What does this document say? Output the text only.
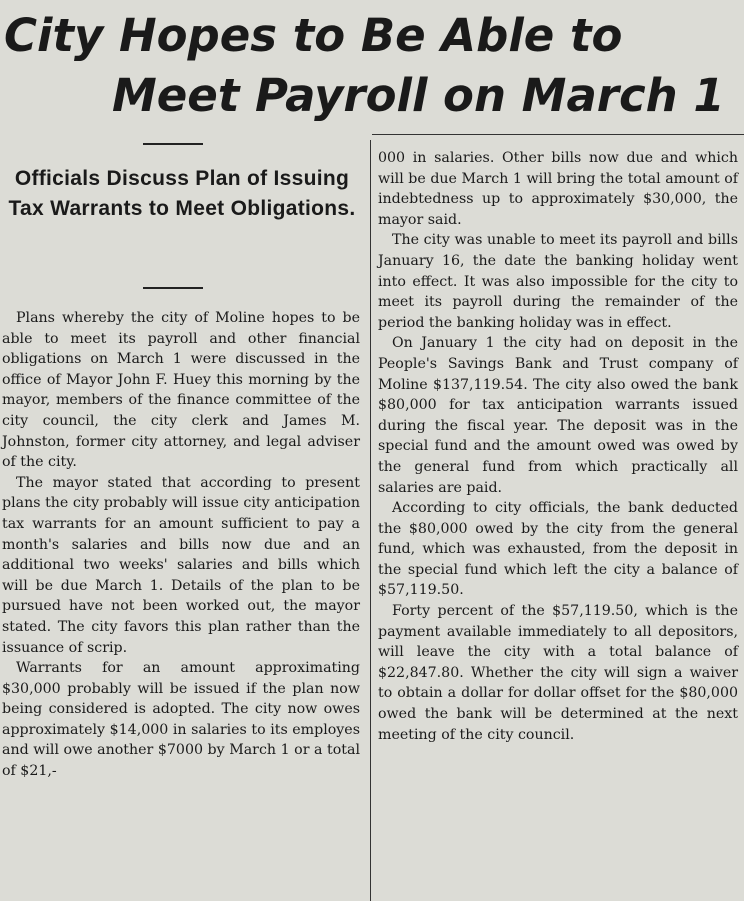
City Hopes to Be Able to
Meet Payroll on March 1
Officials Discuss Plan of Issuing Tax Warrants to Meet Obligations.

Plans whereby the city of Moline hopes to be able to meet its payroll and other financial obligations on March 1 were discussed in the office of Mayor John F. Huey this morning by the mayor, members of the finance committee of the city council, the city clerk and James M. Johnston, former city attorney, and legal adviser of the city.

The mayor stated that according to present plans the city probably will issue city anticipation tax warrants for an amount sufficient to pay a month's salaries and bills now due and an additional two weeks' salaries and bills which will be due March 1. Details of the plan to be pursued have not been worked out, the mayor stated. The city favors this plan rather than the issuance of scrip.

Warrants for an amount approximating $30,000 probably will be issued if the plan now being considered is adopted. The city now owes approximately $14,000 in salaries to its employes and will owe another $7000 by March 1 or a total of $21,-

000 in salaries. Other bills now due and which will be due March 1 will bring the total amount of indebtedness up to approximately $30,000, the mayor said.

The city was unable to meet its payroll and bills January 16, the date the banking holiday went into effect. It was also impossible for the city to meet its payroll during the remainder of the period the banking holiday was in effect.

On January 1 the city had on deposit in the People's Savings Bank and Trust company of Moline $137,119.54. The city also owed the bank $80,000 for tax anticipation warrants issued during the fiscal year. The deposit was in the special fund and the amount owed was owed by the general fund from which practically all salaries are paid.

According to city officials, the bank deducted the $80,000 owed by the city from the general fund, which was exhausted, from the deposit in the special fund which left the city a balance of $57,119.50.

Forty percent of the $57,119.50, which is the payment available immediately to all depositors, will leave the city with a total balance of $22,847.80. Whether the city will sign a waiver to obtain a dollar for dollar offset for the $80,000 owed the bank will be determined at the next meeting of the city council.
